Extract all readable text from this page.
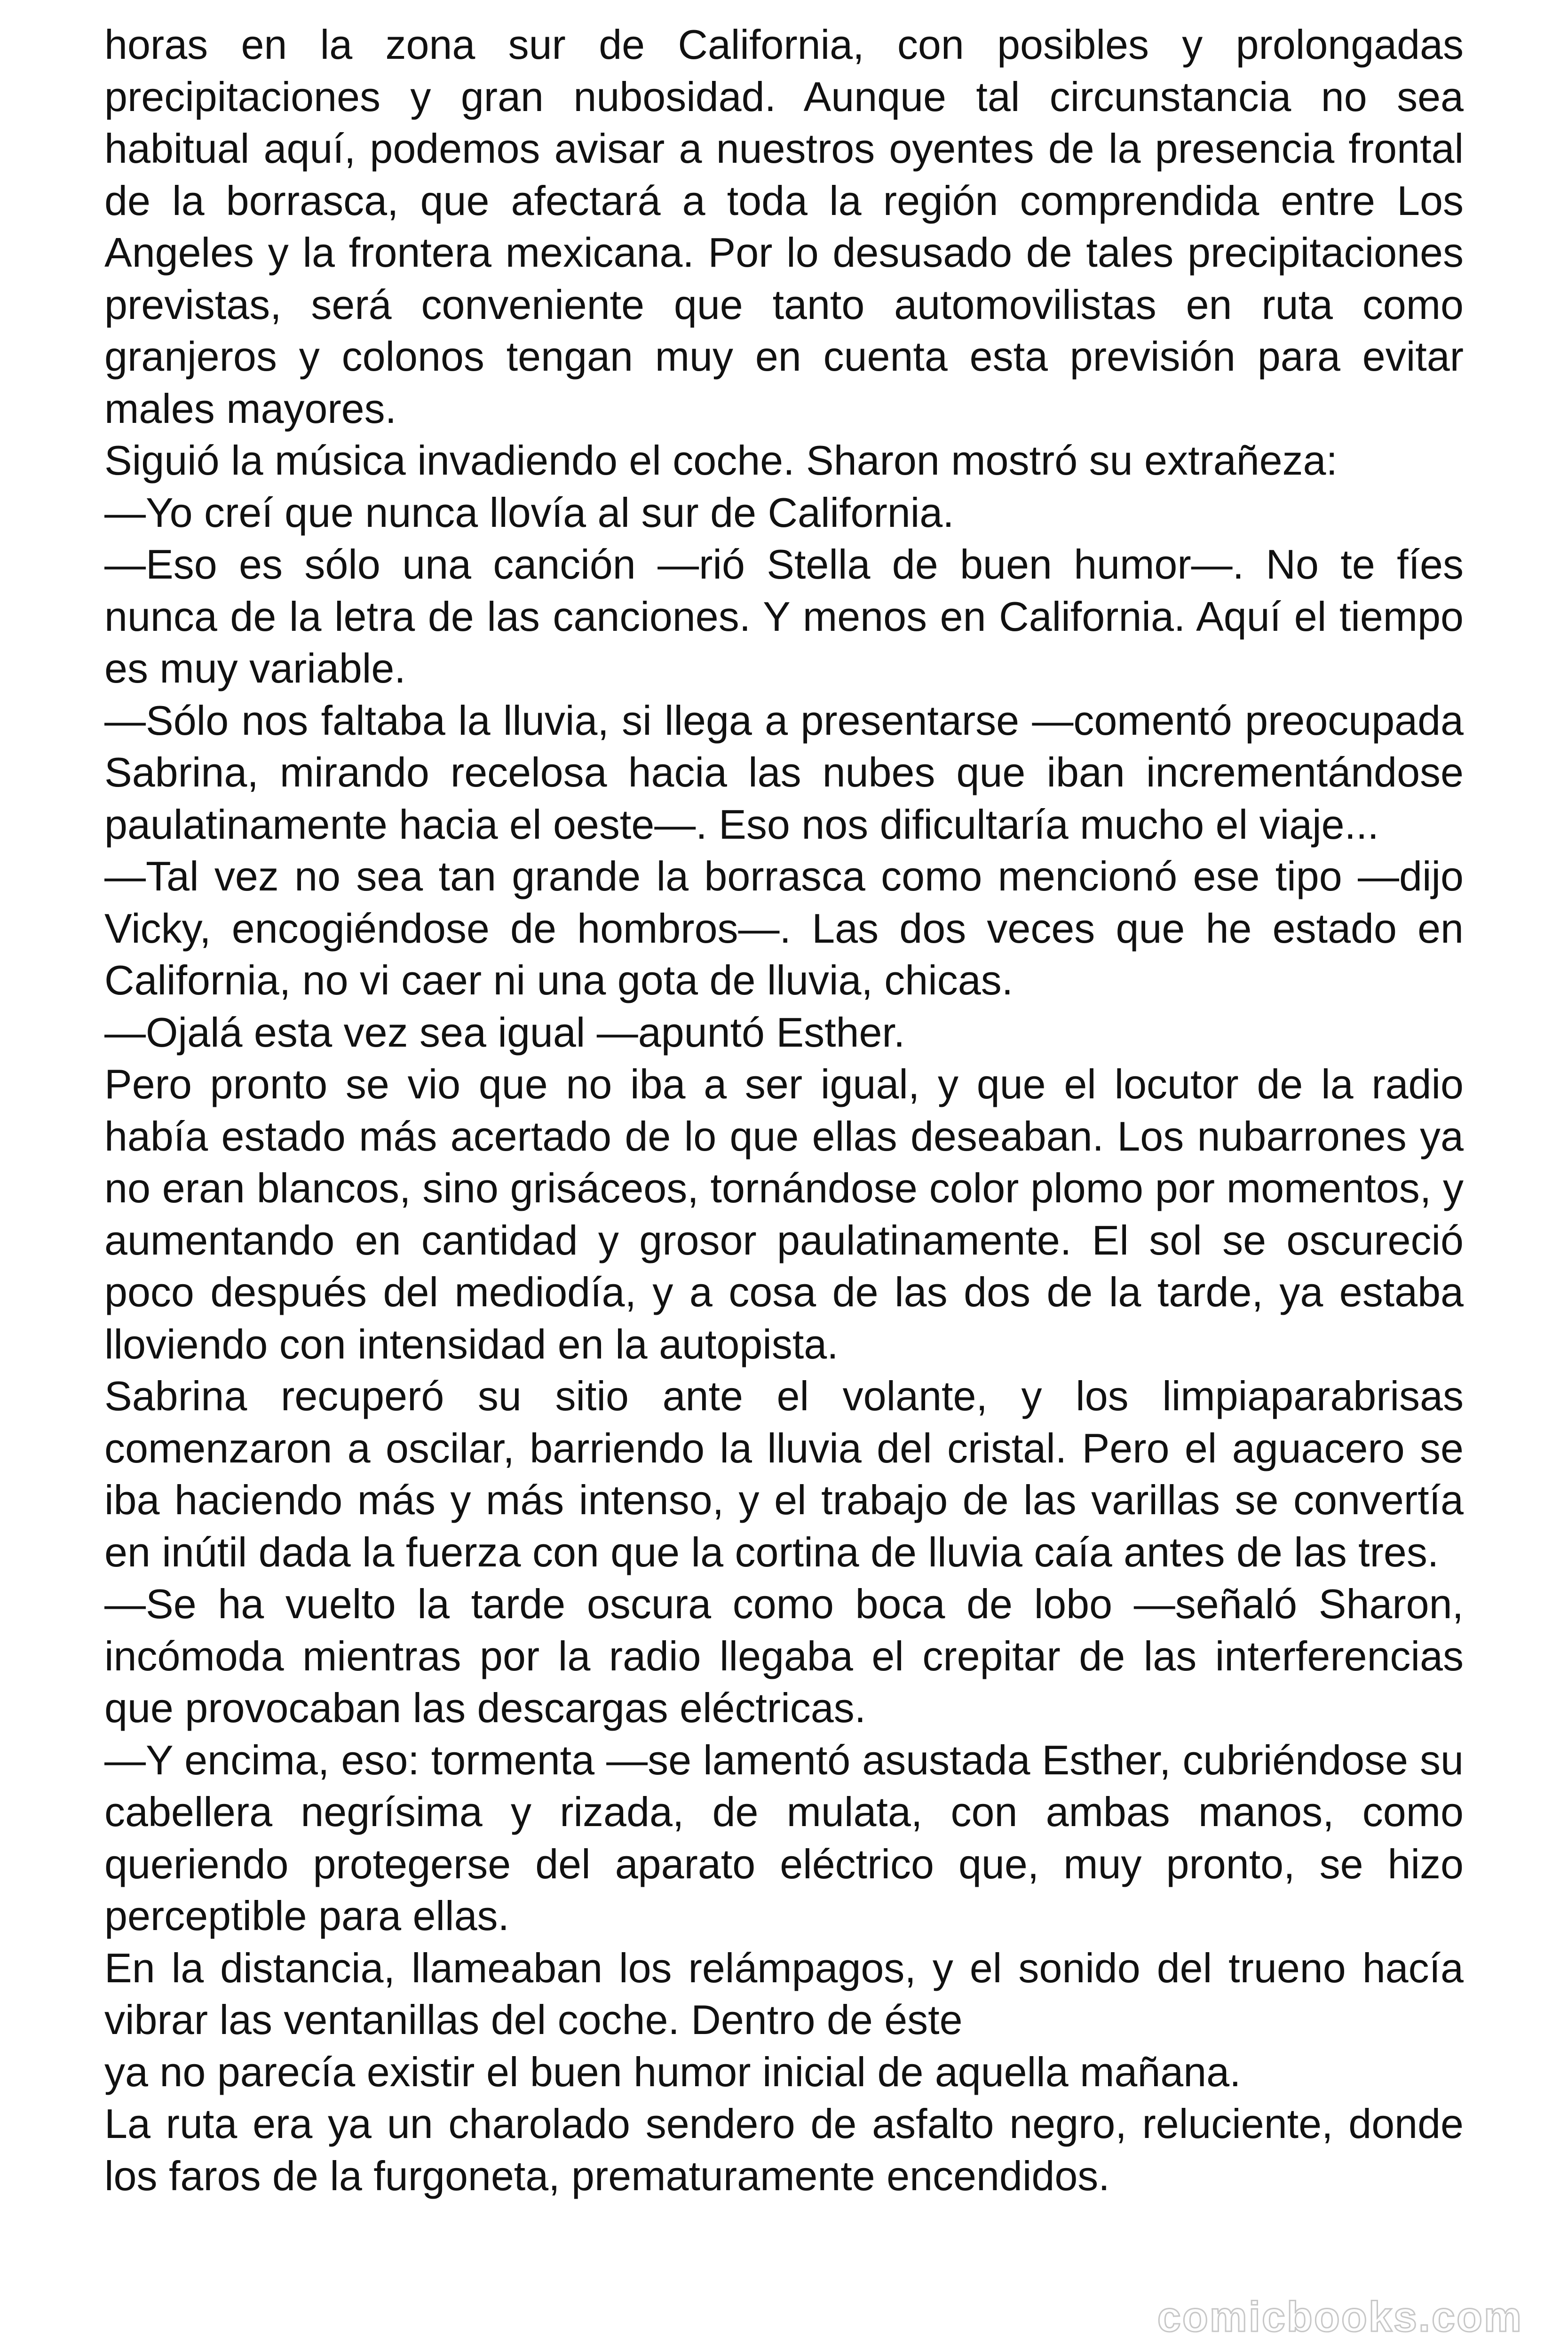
horas en la zona sur de California, con posibles y prolongadas precipitaciones y gran nubosidad. Aunque tal circunstancia no sea habitual aquí, podemos avisar a nuestros oyentes de la presencia frontal de la borrasca, que afectará a toda la región comprendida entre Los Angeles y la frontera mexicana. Por lo desusado de tales precipitaciones previstas, será conveniente que tanto automovilistas en ruta como granjeros y colonos tengan muy en cuenta esta previsión para evitar males mayores.

Siguió la música invadiendo el coche. Sharon mostró su extrañeza:

—Yo creí que nunca llovía al sur de California.

—Eso es sólo una canción —rió Stella de buen humor—. No te fíes nunca de la letra de las canciones. Y menos en California. Aquí el tiempo es muy variable.

—Sólo nos faltaba la lluvia, si llega a presentarse —comentó preocupada Sabrina, mirando recelosa hacia las nubes que iban incrementándose paulatinamente hacia el oeste—. Eso nos dificultaría mucho el viaje...

—Tal vez no sea tan grande la borrasca como mencionó ese tipo —dijo Vicky, encogiéndose de hombros—. Las dos veces que he estado en California, no vi caer ni una gota de lluvia, chicas.

—Ojalá esta vez sea igual —apuntó Esther.

Pero pronto se vio que no iba a ser igual, y que el locutor de la radio había estado más acertado de lo que ellas deseaban. Los nubarrones ya no eran blancos, sino grisáceos, tornándose color plomo por momentos, y aumentando en cantidad y grosor paulatinamente. El sol se oscureció poco después del mediodía, y a cosa de las dos de la tarde, ya estaba lloviendo con intensidad en la autopista.

Sabrina recuperó su sitio ante el volante, y los limpiaparabrisas comenzaron a oscilar, barriendo la lluvia del cristal. Pero el aguacero se iba haciendo más y más intenso, y el trabajo de las varillas se convertía en inútil dada la fuerza con que la cortina de lluvia caía antes de las tres.

—Se ha vuelto la tarde oscura como boca de lobo —señaló Sharon, incómoda mientras por la radio llegaba el crepitar de las interferencias que provocaban las descargas eléctricas.

—Y encima, eso: tormenta —se lamentó asustada Esther, cubriéndose su cabellera negrísima y rizada, de mulata, con ambas manos, como queriendo protegerse del aparato eléctrico que, muy pronto, se hizo perceptible para ellas.

En la distancia, llameaban los relámpagos, y el sonido del trueno hacía vibrar las ventanillas del coche. Dentro de éste

ya no parecía existir el buen humor inicial de aquella mañana.

La ruta era ya un charolado sendero de asfalto negro, reluciente, donde los faros de la furgoneta, prematuramente encendidos.

comicbooks.com
